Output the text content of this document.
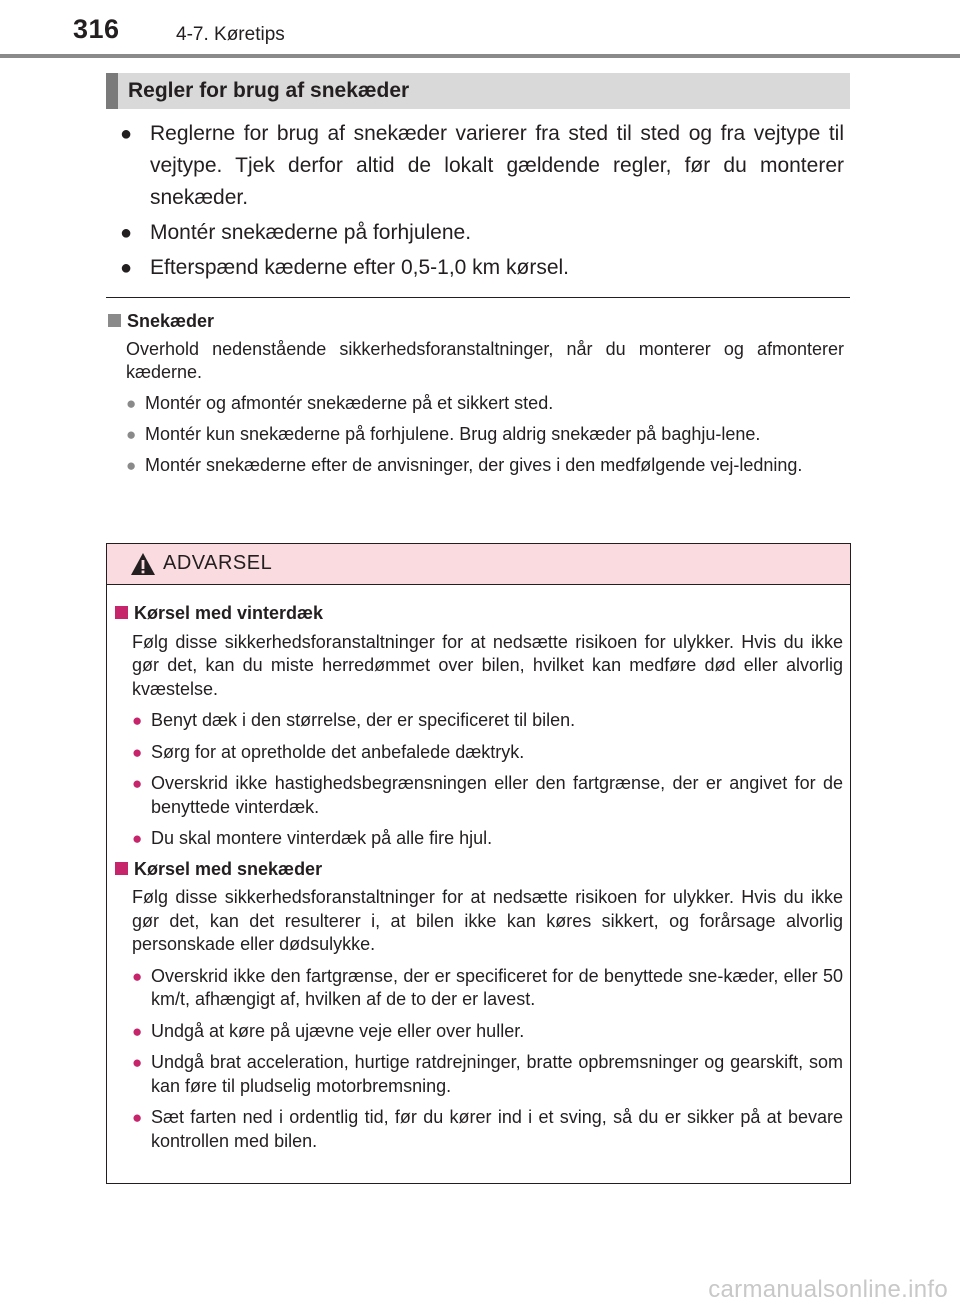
316	4-7. Køretips
Regler for brug af snekæder
● Reglerne for brug af snekæder varierer fra sted til sted og fra vejtype til vejtype. Tjek derfor altid de lokalt gældende regler, før du monterer snekæder.
● Montér snekæderne på forhjulene.
● Efterspænd kæderne efter 0,5-1,0 km kørsel.
Snekæder
Overhold nedenstående sikkerhedsforanstaltninger, når du monterer og afmonterer kæderne.
● Montér og afmontér snekæderne på et sikkert sted.
● Montér kun snekæderne på forhjulene. Brug aldrig snekæder på baghju-lene.
● Montér snekæderne efter de anvisninger, der gives i den medfølgende vej-ledning.
ADVARSEL
Kørsel med vinterdæk
Følg disse sikkerhedsforanstaltninger for at nedsætte risikoen for ulykker. Hvis du ikke gør det, kan du miste herredømmet over bilen, hvilket kan medføre død eller alvorlig kvæstelse.
● Benyt dæk i den størrelse, der er specificeret til bilen.
● Sørg for at opretholde det anbefalede dæktryk.
● Overskrid ikke hastighedsbegrænsningen eller den fartgrænse, der er angivet for de benyttede vinterdæk.
● Du skal montere vinterdæk på alle fire hjul.
Kørsel med snekæder
Følg disse sikkerhedsforanstaltninger for at nedsætte risikoen for ulykker. Hvis du ikke gør det, kan det resulterer i, at bilen ikke kan køres sikkert, og forårsage alvorlig personskade eller dødsulykke.
● Overskrid ikke den fartgrænse, der er specificeret for de benyttede sne-kæder, eller 50 km/t, afhængigt af, hvilken af de to der er lavest.
● Undgå at køre på ujævne veje eller over huller.
● Undgå brat acceleration, hurtige ratdrejninger, bratte opbremsninger og gearskift, som kan føre til pludselig motorbremsning.
● Sæt farten ned i ordentlig tid, før du kører ind i et sving, så du er sikker på at bevare kontrollen med bilen.
carmanualsonline.info
